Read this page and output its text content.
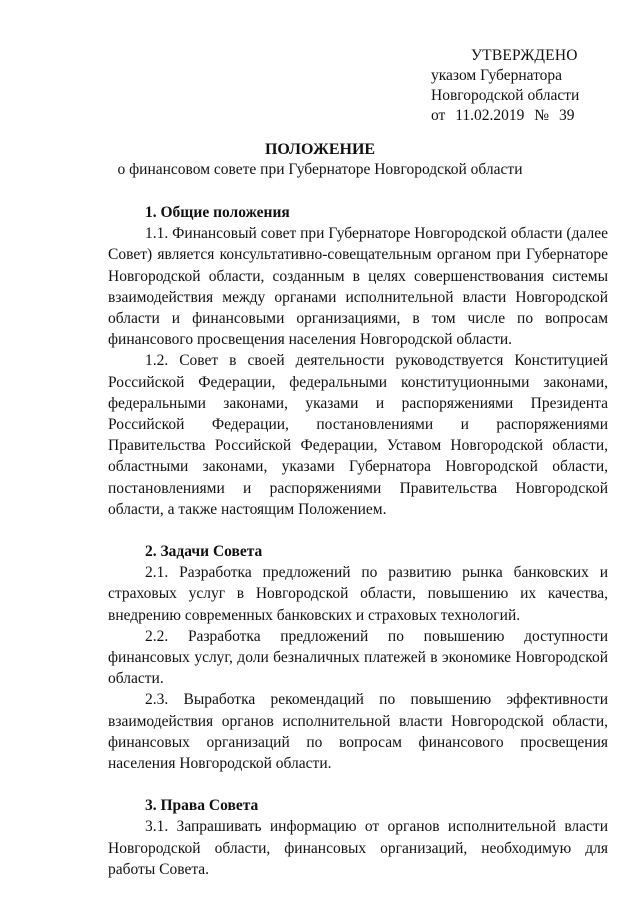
УТВЕРЖДЕНО
указом Губернатора
Новгородской области
от 11.02.2019 № 39
ПОЛОЖЕНИЕ
о финансовом совете при Губернаторе Новгородской области

1. Общие положения

1.1. Финансовый совет при Губернаторе Новгородской области (далее Совет) является консультативно-совещательным органом при Губернаторе Новгородской области, созданным в целях совершенствования системы взаимодействия между органами исполнительной власти Новгородской области и финансовыми организациями, в том числе по вопросам финансового просвещения населения Новгородской области.

1.2. Совет в своей деятельности руководствуется Конституцией Российской Федерации, федеральными конституционными законами, федеральными законами, указами и распоряжениями Президента Российской Федерации, постановлениями и распоряжениями Правительства Российской Федерации, Уставом Новгородской области, областными законами, указами Губернатора Новгородской области, постановлениями и распоряжениями Правительства Новгородской области, а также настоящим Положением.

2. Задачи Совета

2.1. Разработка предложений по развитию рынка банковских и страховых услуг в Новгородской области, повышению их качества, внедрению современных банковских и страховых технологий.

2.2. Разработка предложений по повышению доступности финансовых услуг, доли безналичных платежей в экономике Новгородской области.

2.3. Выработка рекомендаций по повышению эффективности взаимодействия органов исполнительной власти Новгородской области, финансовых организаций по вопросам финансового просвещения населения Новгородской области.

3. Права Совета

3.1. Запрашивать информацию от органов исполнительной власти Новгородской области, финансовых организаций, необходимую для работы Совета.
